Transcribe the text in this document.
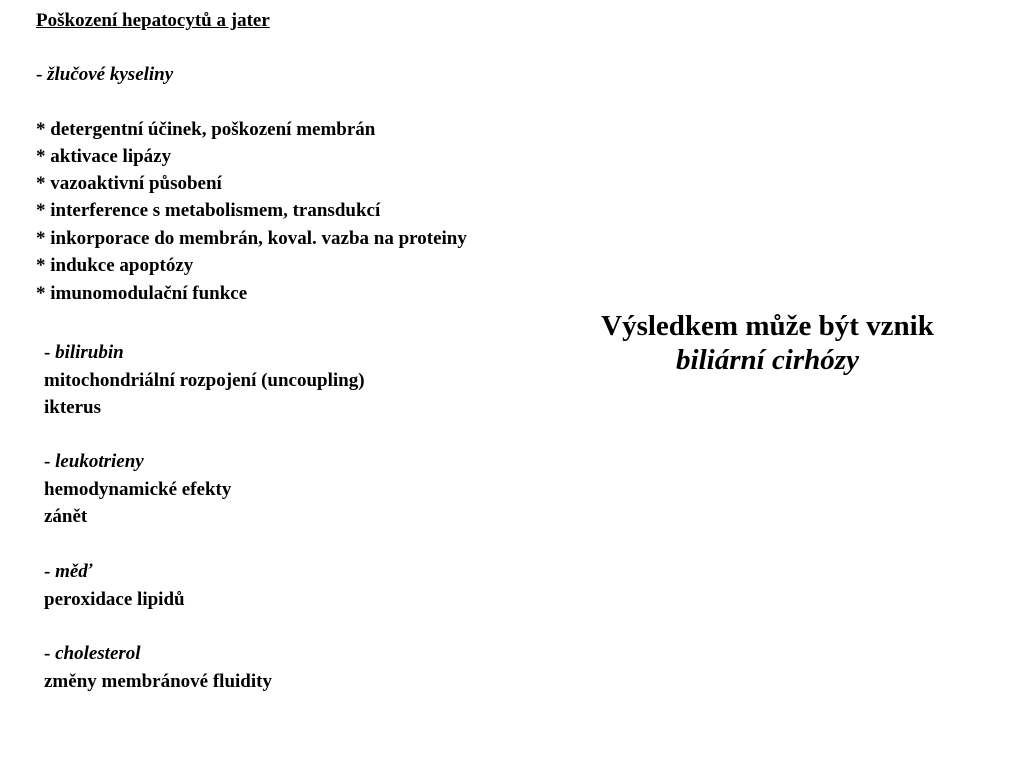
Poškození hepatocytů a jater
- žlučové kyseliny
* detergentní účinek, poškození membrán
* aktivace lipázy
* vazoaktivní působení
* interference s metabolismem, transdukcí
* inkorporace do membrán, koval. vazba na proteiny
* indukce apoptózy
* imunomodulační funkce
- bilirubin
mitochondriální rozpojení (uncoupling)
ikterus
- leukotrieny
hemodynamické efekty
zánět
- měď
peroxidace lipidů
- cholesterol
změny membránové fluidity
Výsledkem může být vznik
biliární cirhózy
